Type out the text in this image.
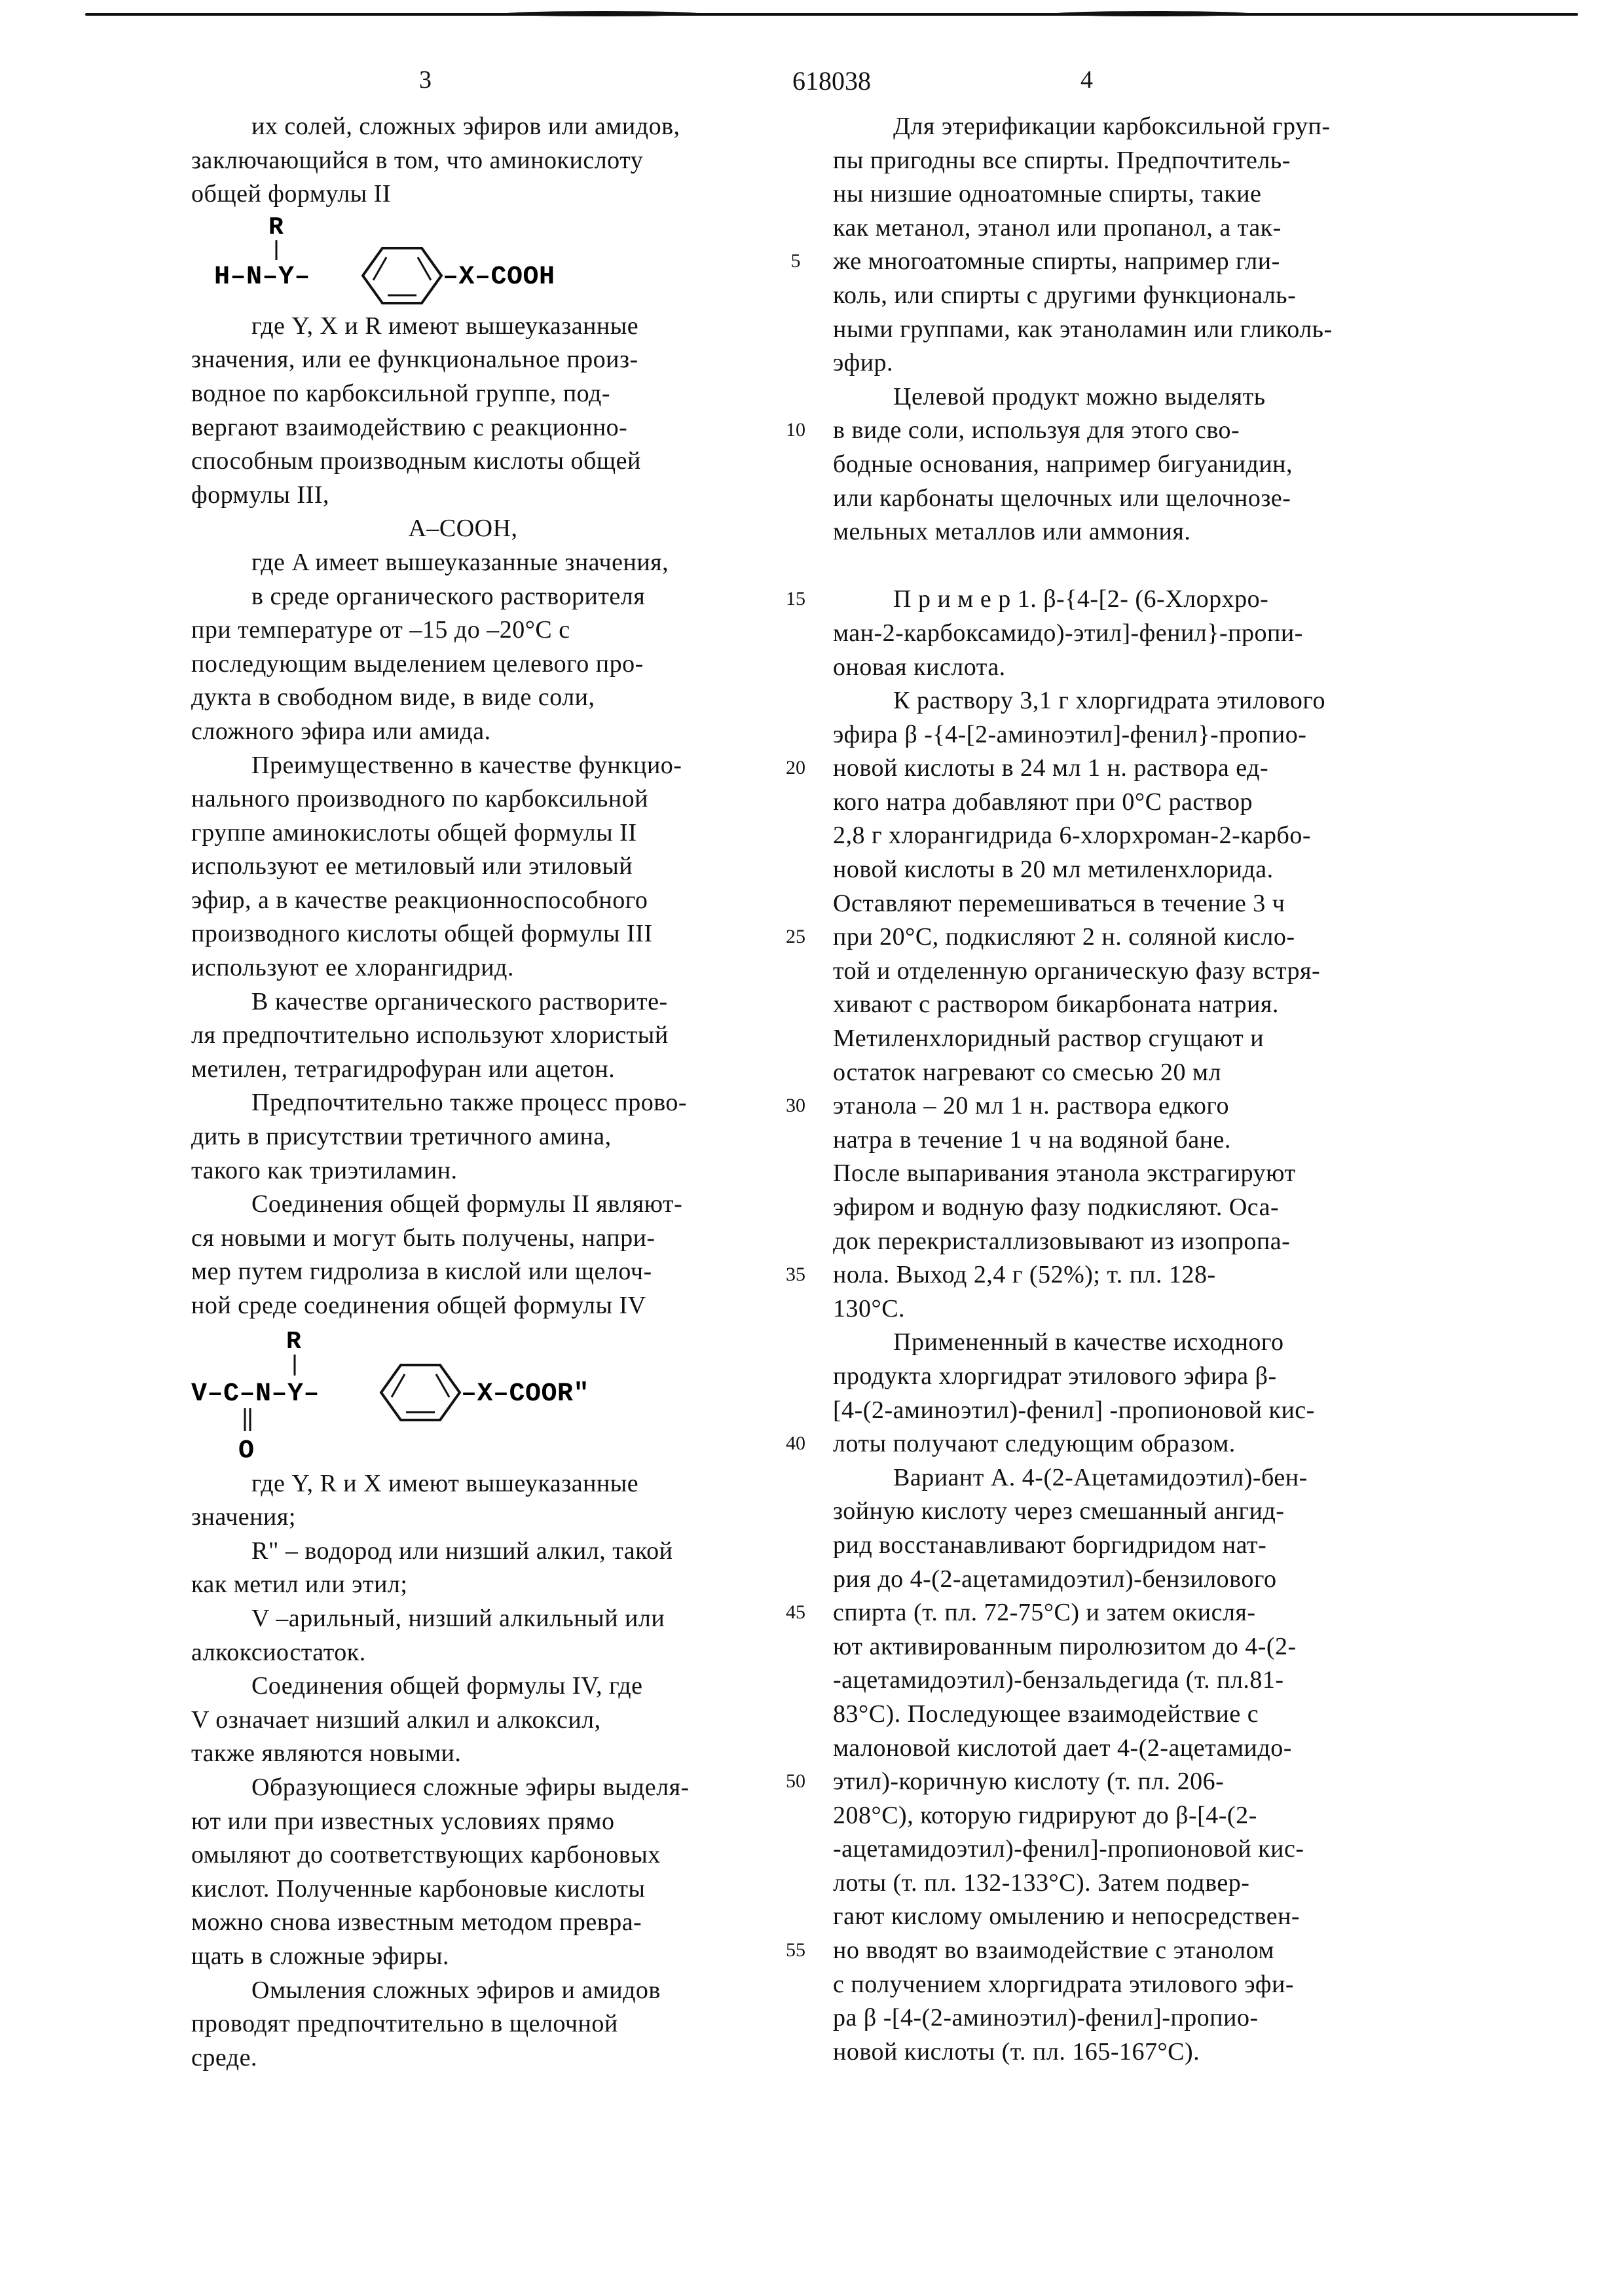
3	618038	4
их солей, сложных эфиров или амидов,
заключающийся в том, что аминокислоту
общей формулы II
R
H–N–Y–	–X–COOH
где Y, X и R имеют вышеуказанные
значения, или ее функциональное произ-
водное по карбоксильной группе, под-
вергают взаимодействию с реакционно-
способным производным кислоты общей
формулы III,
A–COOH,
где A имеет вышеуказанные значения,
в среде органического растворителя
при температуре от –15 до –20°С с
последующим выделением целевого про-
дукта в свободном виде, в виде соли,
сложного эфира или амида.
Преимущественно в качестве функцио-
нального производного по карбоксильной
группе аминокислоты общей формулы II
используют ее метиловый или этиловый
эфир, а в качестве реакционноспособного
производного кислоты общей формулы III
используют ее хлорангидрид.
В качестве органического растворите-
ля предпочтительно используют хлористый
метилен, тетрагидрофуран или ацетон.
Предпочтительно также процесс прово-
дить в присутствии третичного амина,
такого как триэтиламин.
Соединения общей формулы II являют-
ся новыми и могут быть получены, напри-
мер путем гидролиза в кислой или щелоч-
ной среде соединения общей формулы IV
R
V–C–N–Y–
O
–X–COOR"
где Y, R и X имеют вышеуказанные
значения;
R" – водород или низший алкил, такой
как метил или этил;
V –арильный, низший алкильный или
алкоксиостаток.
Соединения общей формулы IV, где
V означает низший алкил и алкоксил,
также являются новыми.
Образующиеся сложные эфиры выделя-
ют или при известных условиях прямо
омыляют до соответствующих карбоновых
кислот. Полученные карбоновые кислоты
можно снова известным методом превра-
щать в сложные эфиры.
Омыления сложных эфиров и амидов
проводят предпочтительно в щелочной
среде.
5
10
15
20
25
30
35
40
45
50
55
Для этерификации карбоксильной груп-
пы пригодны все спирты. Предпочтитель-
ны низшие одноатомные спирты, такие
как метанол, этанол или пропанол, а так-
же многоатомные спирты, например гли-
коль, или спирты с другими функциональ-
ными группами, как этаноламин или гликоль-
эфир.
Целевой продукт можно выделять
в виде соли, используя для этого сво-
бодные основания, например бигуанидин,
или карбонаты щелочных или щелочнозе-
мельных металлов или аммония.
П р и м е р 1. β-{4-[2- (6-Хлорхро-
ман-2-карбоксамидо)-этил]-фенил}-пропи-
оновая кислота.
К раствору 3,1 г хлоргидрата этилового
эфира β -{4-[2-аминоэтил]-фенил}-пропио-
новой кислоты в 24 мл 1 н. раствора ед-
кого натра добавляют при 0°С раствор
2,8 г хлорангидрида 6-хлорхроман-2-карбо-
новой кислоты в 20 мл метиленхлорида.
Оставляют перемешиваться в течение 3 ч
при 20°С, подкисляют 2 н. соляной кисло-
той и отделенную органическую фазу встря-
хивают с раствором бикарбоната натрия.
Метиленхлоридный раствор сгущают и
остаток нагревают со смесью 20 мл
этанола – 20 мл 1 н. раствора едкого
натра в течение 1 ч на водяной бане.
После выпаривания этанола экстрагируют
эфиром и водную фазу подкисляют. Оса-
док перекристаллизовывают из изопропа-
нола. Выход 2,4 г (52%); т. пл. 128-
130°С.
Примененный в качестве исходного
продукта хлоргидрат этилового эфира β-
[4-(2-аминоэтил)-фенил] -пропионовой кис-
лоты получают следующим образом.
Вариант А. 4-(2-Ацетамидоэтил)-бен-
зойную кислоту через смешанный ангид-
рид восстанавливают боргидридом нат-
рия до 4-(2-ацетамидоэтил)-бензилового
спирта (т. пл. 72-75°С) и затем окисля-
ют активированным пиролюзитом до 4-(2-
-ацетамидоэтил)-бензальдегида (т. пл.81-
83°С). Последующее взаимодействие с
малоновой кислотой дает 4-(2-ацетамидо-
этил)-коричную кислоту (т. пл. 206-
208°С), которую гидрируют до β-[4-(2-
-ацетамидоэтил)-фенил]-пропионовой кис-
лоты (т. пл. 132-133°С). Затем подвер-
гают кислому омылению и непосредствен-
но вводят во взаимодействие с этанолом
с получением хлоргидрата этилового эфи-
ра β -[4-(2-аминоэтил)-фенил]-пропио-
новой кислоты (т. пл. 165-167°С).
